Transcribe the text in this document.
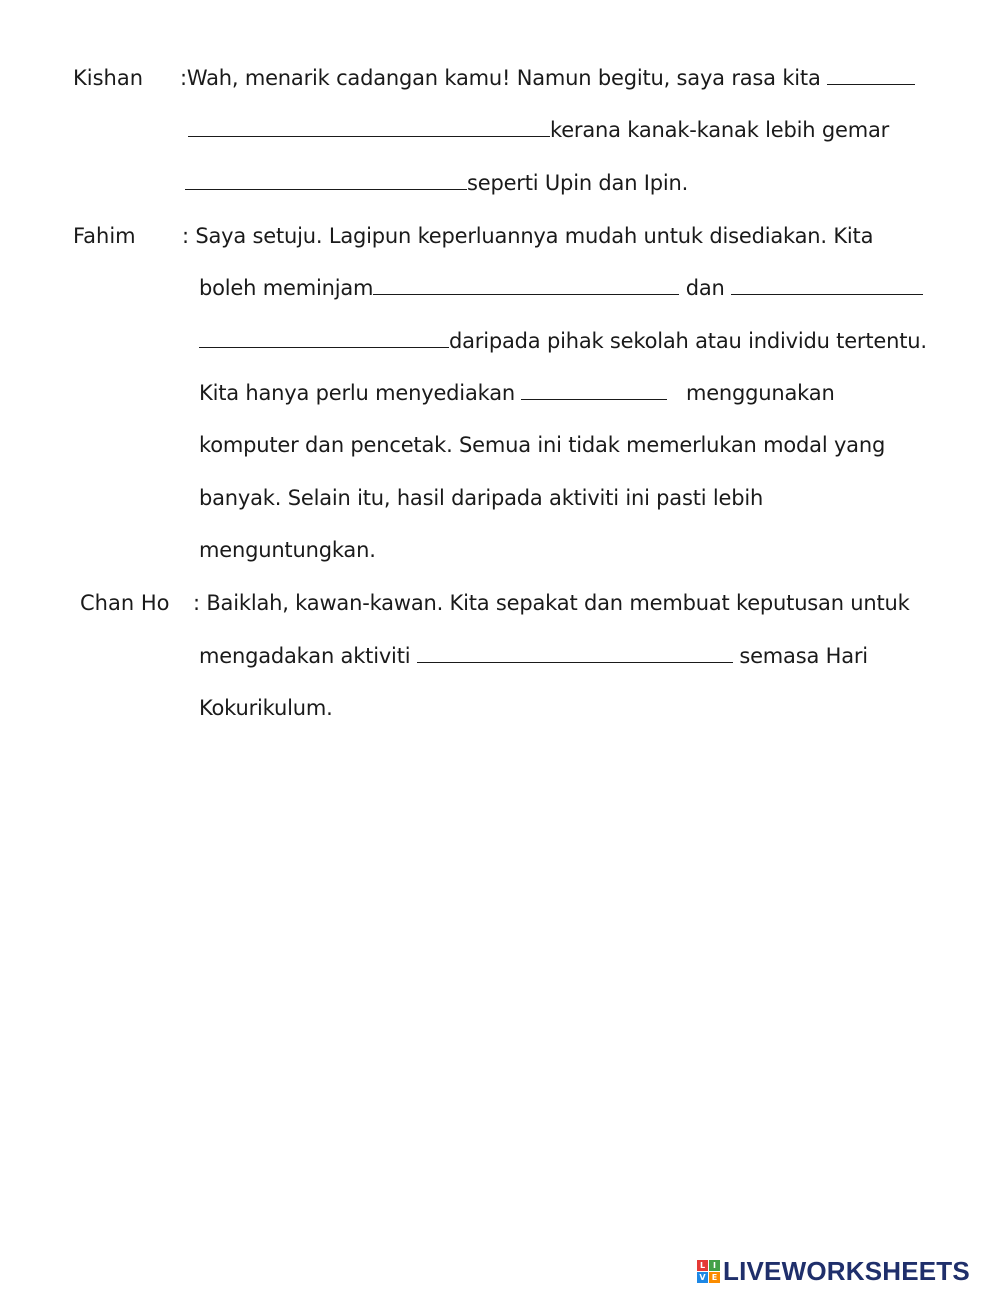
Kishan :Wah, menarik cadangan kamu! Namun begitu, saya rasa kita
kerana kanak-kanak lebih gemar
seperti Upin dan Ipin.
Fahim : Saya setuju. Lagipun keperluannya mudah untuk disediakan. Kita
boleh meminjam	dan
daripada pihak sekolah atau individu tertentu.
Kita hanya perlu menyediakan	menggunakan
komputer dan pencetak. Semua ini tidak memerlukan modal yang
banyak. Selain itu, hasil daripada aktiviti ini pasti lebih
menguntungkan.
Chan Ho : Baiklah, kawan-kawan. Kita sepakat dan membuat keputusan untuk
mengadakan aktiviti	semasa Hari
Kokurikulum.
L I
V E LIVEWORKSHEETS
